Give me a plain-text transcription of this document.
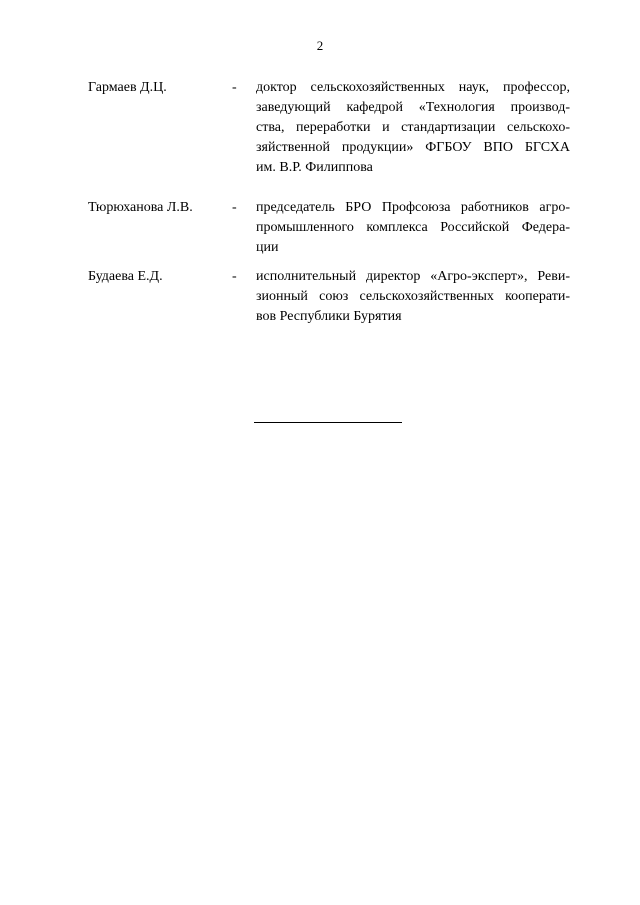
2
Гармаев Д.Ц.	- доктор сельскохозяйственных наук, профессор,
заведующий кафедрой «Технология производ-
ства, переработки и стандартизации сельскохо-
зяйственной продукции» ФГБОУ ВПО БГСХА
им. В.Р. Филиппова
Тюрюханова Л.В.	- председатель БРО Профсоюза работников агро-
промышленного комплекса Российской Федера-
ции
Будаева Е.Д.	- исполнительный директор «Агро-эксперт», Реви-
зионный союз сельскохозяйственных кооперати-
вов Республики Бурятия
